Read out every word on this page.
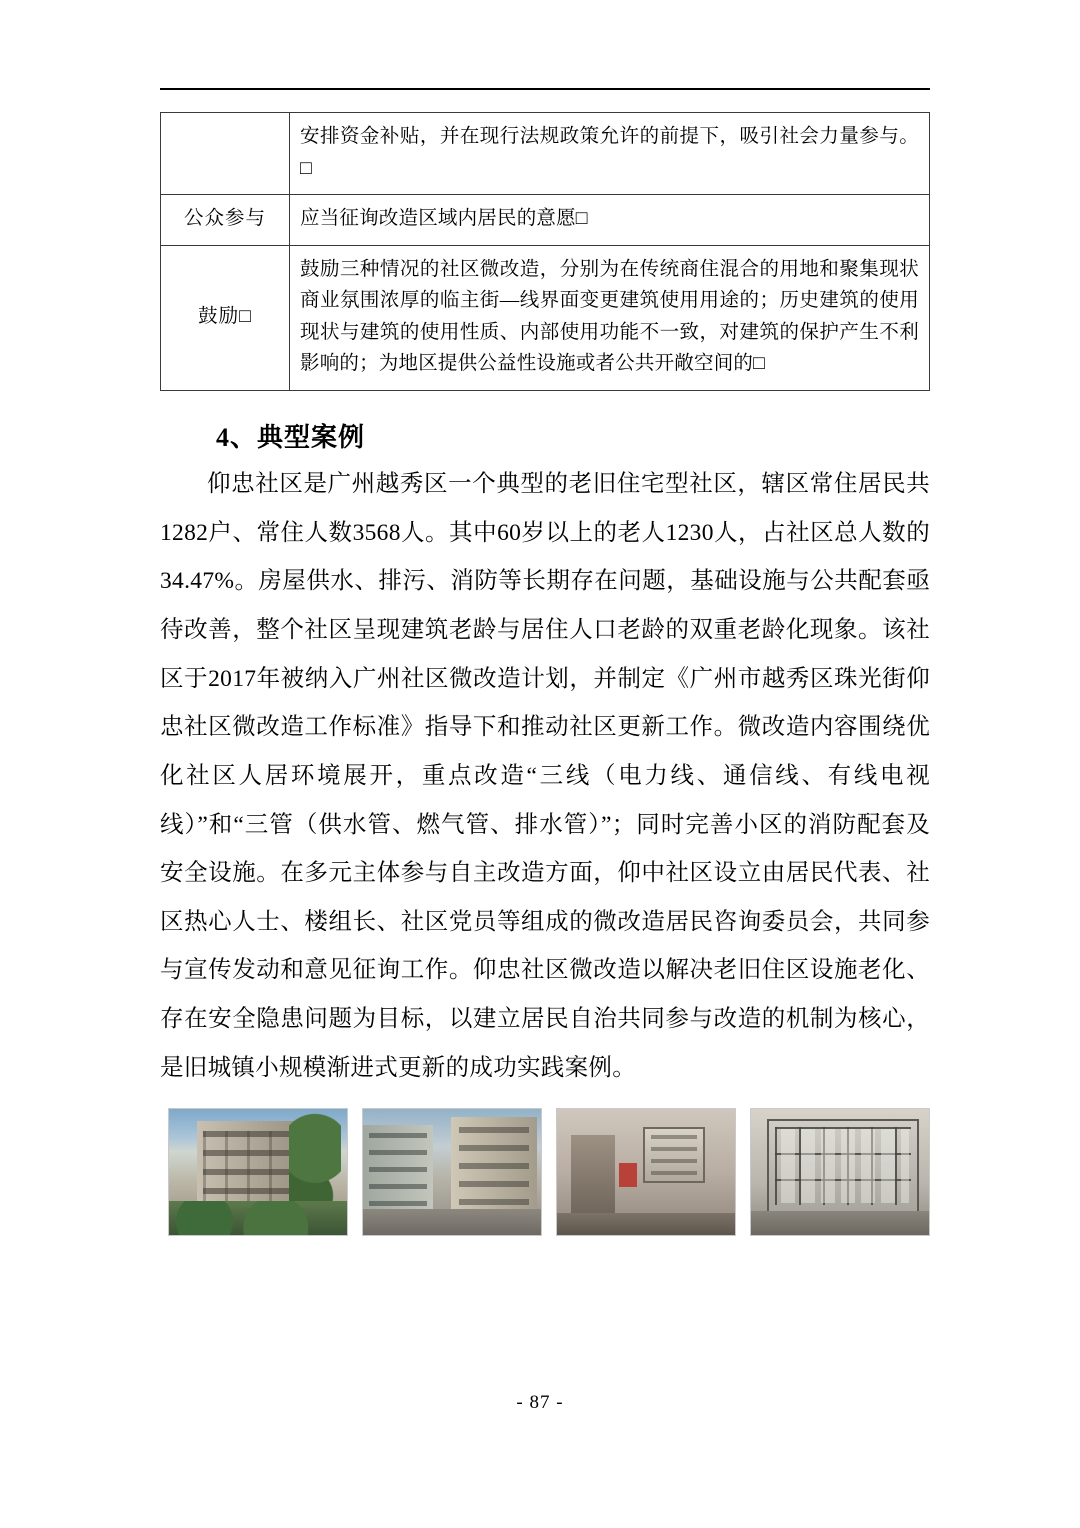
	安排资金补贴，并在现行法规政策允许的前提下，吸引社会力量参与。□
公众参与	应当征询改造区域内居民的意愿□
鼓励□	鼓励三种情况的社区微改造，分别为在传统商住混合的用地和聚集现状商业氛围浓厚的临主街—线界面变更建筑使用用途的；历史建筑的使用现状与建筑的使用性质、内部使用功能不一致，对建筑的保护产生不利影响的；为地区提供公益性设施或者公共开敞空间的□
4、典型案例

仰忠社区是广州越秀区一个典型的老旧住宅型社区，辖区常住居民共1282户、常住人数3568人。其中60岁以上的老人1230人，占社区总人数的34.47%。房屋供水、排污、消防等长期存在问题，基础设施与公共配套亟待改善，整个社区呈现建筑老龄与居住人口老龄的双重老龄化现象。该社区于2017年被纳入广州社区微改造计划，并制定《广州市越秀区珠光街仰忠社区微改造工作标准》指导下和推动社区更新工作。微改造内容围绕优化社区人居环境展开，重点改造“三线（电力线、通信线、有线电视线）”和“三管（供水管、燃气管、排水管）”；同时完善小区的消防配套及安全设施。在多元主体参与自主改造方面，仰中社区设立由居民代表、社区热心人士、楼组长、社区党员等组成的微改造居民咨询委员会，共同参与宣传发动和意见征询工作。仰忠社区微改造以解决老旧住区设施老化、存在安全隐患问题为目标，以建立居民自治共同参与改造的机制为核心，是旧城镇小规模渐进式更新的成功实践案例。

- 87 -
